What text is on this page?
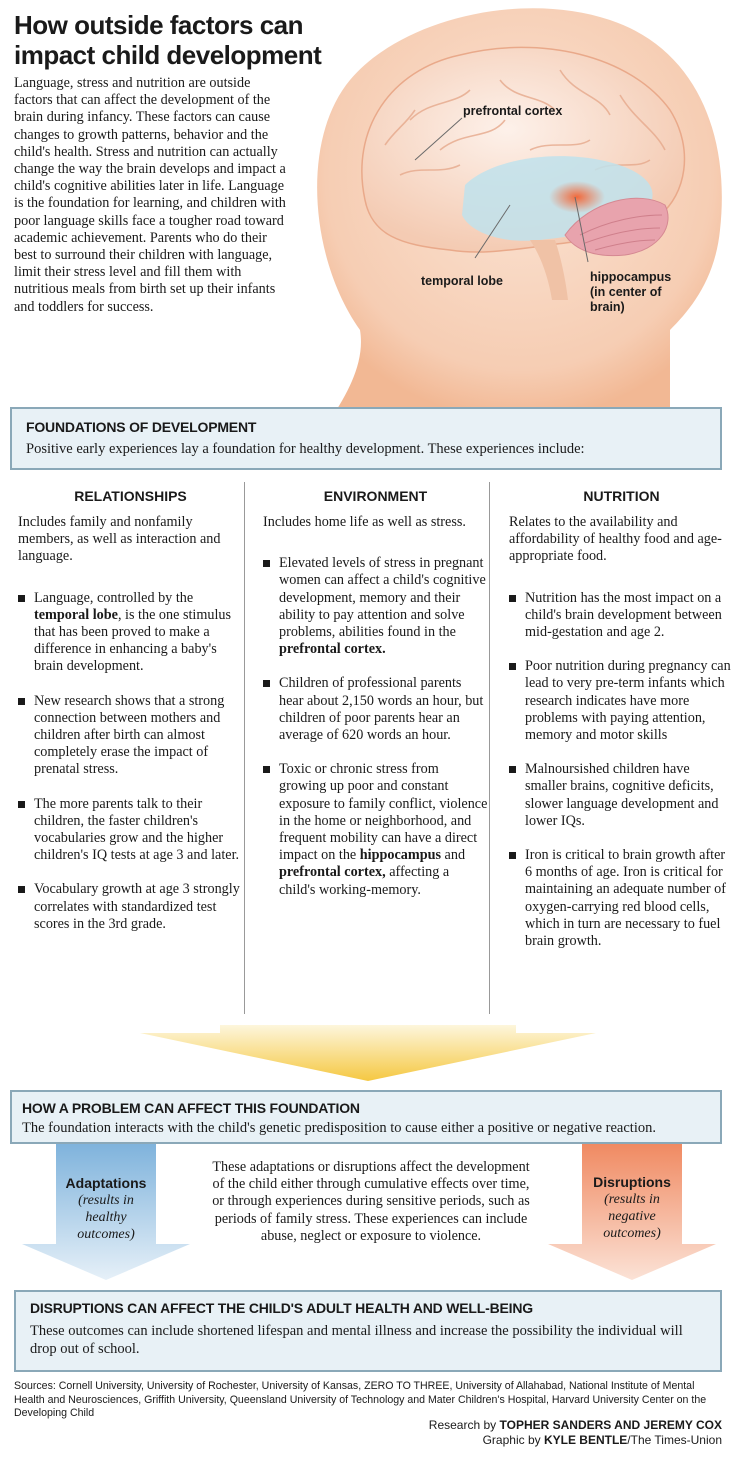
How outside factors can impact child development
Language, stress and nutrition are outside factors that can affect the development of the brain during infancy. These factors can cause changes to growth patterns, behavior and the child's health. Stress and nutrition can actually change the way the brain develops and impact a child's cognitive abilities later in life. Language is the foundation for learning, and children with poor language skills face a tougher road toward academic achievement. Parents who do their best to surround their children with language, limit their stress level and fill them with nutritious meals from birth set up their infants and toddlers for success.
prefrontal cortex
temporal lobe	hippocampus (in center of brain)
FOUNDATIONS OF DEVELOPMENT
Positive early experiences lay a foundation for healthy development. These experiences include:
RELATIONSHIPS
Includes family and nonfamily members, as well as interaction and language.
Language, controlled by the temporal lobe, is the one stimulus that has been proved to make a difference in enhancing a baby's brain development.
New research shows that a strong connection between mothers and children after birth can almost completely erase the impact of prenatal stress.
The more parents talk to their children, the faster children's vocabularies grow and the higher children's IQ tests at age 3 and later.
Vocabulary growth at age 3 strongly correlates with standardized test scores in the 3rd grade.
ENVIRONMENT
Includes home life as well as stress.
Elevated levels of stress in pregnant women can affect a child's cognitive development, memory and their ability to pay attention and solve problems, abilities found in the prefrontal cortex.
Children of professional parents hear about 2,150 words an hour, but children of poor parents hear an average of 620 words an hour.
Toxic or chronic stress from growing up poor and constant exposure to family conflict, violence in the home or neighborhood, and frequent mobility can have a direct impact on the hippocampus and prefrontal cortex, affecting a child's working-memory.
NUTRITION
Relates to the availability and affordability of healthy food and age-appropriate food.
Nutrition has the most impact on a child's brain development between mid-gestation and age 2.
Poor nutrition during pregnancy can lead to very pre-term infants which research indicates have more problems with paying attention, memory and motor skills
Malnoursished children have smaller brains, cognitive deficits, slower language development and lower IQs.
Iron is critical to brain growth after 6 months of age. Iron is critical for maintaining an adequate number of oxygen-carrying red blood cells, which in turn are necessary to fuel brain growth.
HOW A PROBLEM CAN AFFECT THIS FOUNDATION
The foundation interacts with the child's genetic predisposition to cause either a positive or negative reaction.
Adaptations
(results in healthy outcomes)
These adaptations or disruptions affect the development of the child either through cumulative effects over time, or through experiences during sensitive periods, such as periods of family stress. These experiences can include abuse, neglect or exposure to violence.
Disruptions
(results in negative outcomes)
DISRUPTIONS CAN AFFECT THE CHILD'S ADULT HEALTH AND WELL-BEING
These outcomes can include shortened lifespan and mental illness and increase the possibility the individual will drop out of school.
Sources: Cornell University, University of Rochester, University of Kansas, ZERO TO THREE, University of Allahabad, National Institute of Mental Health and Neurosciences, Griffith University, Queensland University of Technology and Mater Children's Hospital, Harvard University Center on the Developing Child
Research by TOPHER SANDERS AND JEREMY COX
Graphic by KYLE BENTLE/The Times-Union
